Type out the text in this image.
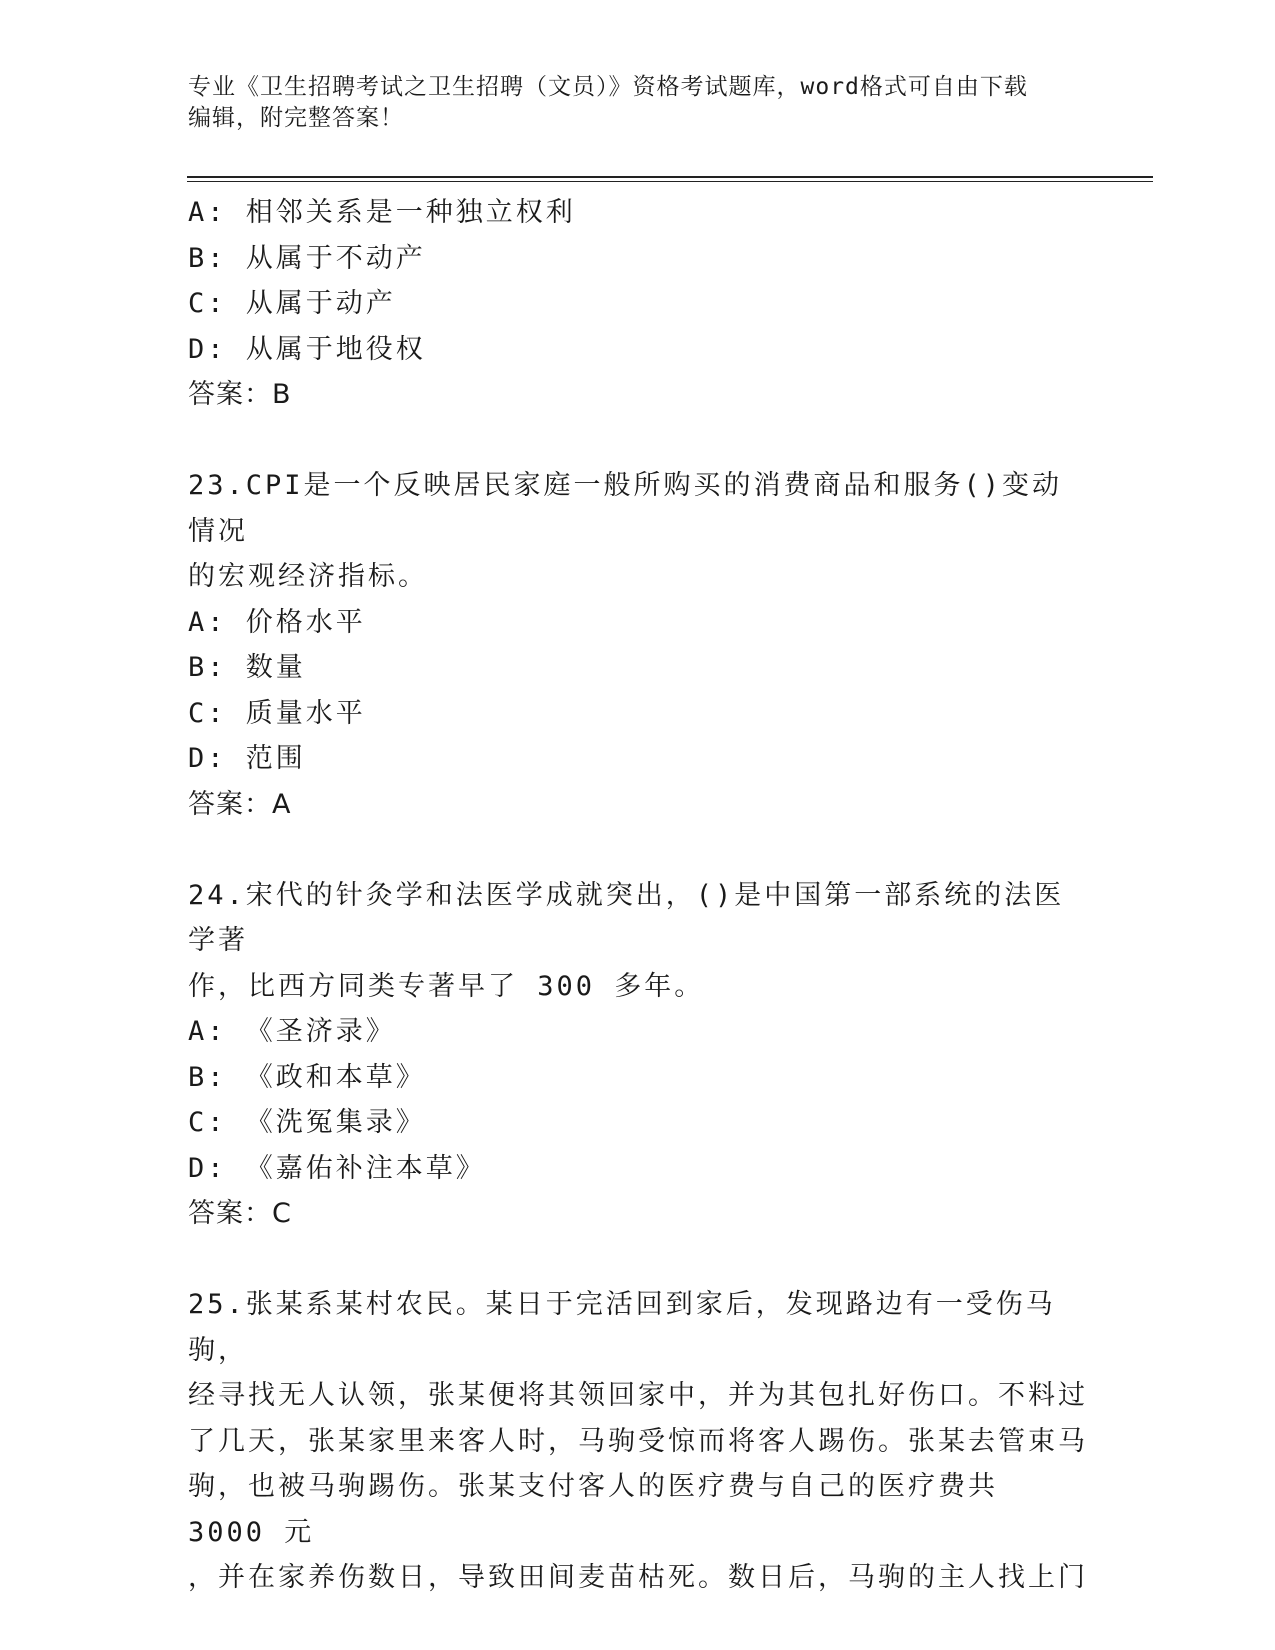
专业《卫生招聘考试之卫生招聘（文员）》资格考试题库，word格式可自由下载
编辑，附完整答案！
A: 相邻关系是一种独立权利
B: 从属于不动产
C: 从属于动产
D: 从属于地役权
答案：B
23.CPI是一个反映居民家庭一般所购买的消费商品和服务()变动情况
的宏观经济指标。
A: 价格水平
B: 数量
C: 质量水平
D: 范围
答案：A
24.宋代的针灸学和法医学成就突出，()是中国第一部系统的法医学著
作，比西方同类专著早了 300 多年。
A: 《圣济录》
B: 《政和本草》
C: 《洗冤集录》
D: 《嘉佑补注本草》
答案：C
25.张某系某村农民。某日于完活回到家后，发现路边有一受伤马驹，
经寻找无人认领，张某便将其领回家中，并为其包扎好伤口。不料过
了几天，张某家里来客人时，马驹受惊而将客人踢伤。张某去管束马
驹，也被马驹踢伤。张某支付客人的医疗费与自己的医疗费共 3000 元
，并在家养伤数日，导致田间麦苗枯死。数日后，马驹的主人找上门
